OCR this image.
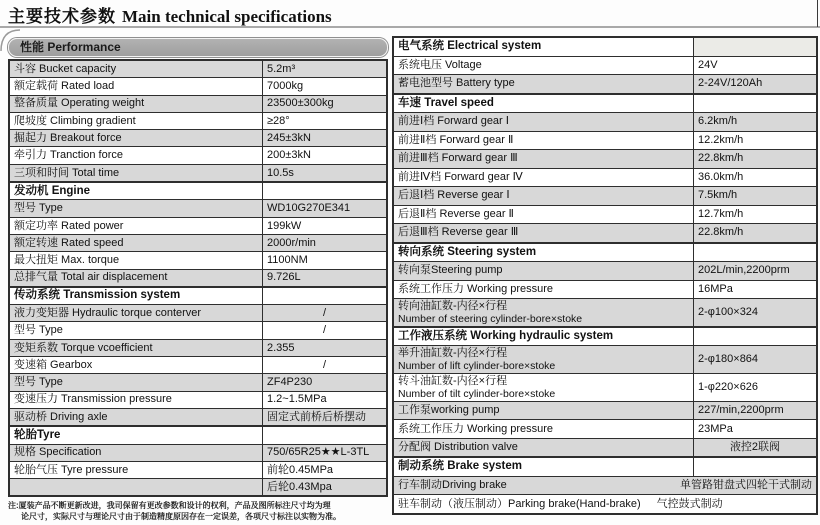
主要技术参数 Main technical specifications
性能 Performance
斗容 Bucket capacity	5.2m³
额定载荷 Rated load	7000kg
整备质量 Operating weight	23500±300kg
爬坡度 Climbing gradient	≥28°
掘起力 Breakout force	245±3kN
牵引力 Tranction force	200±3kN
三项和时间 Total time	10.5s
发动机 Engine	
型号 Type	WD10G270E341
额定功率 Rated power	199kW
额定转速 Rated speed	2000r/min
最大扭矩 Max. torque	1100NM
总排气量 Total air displacement	9.726L
传动系统 Transmission system	
液力变矩器 Hydraulic torque conterver	/
型号 Type	/
变矩系数 Torque vcoefficient	2.355
变速箱 Gearbox	/
型号 Type	ZF4P230
变速压力 Transmission pressure	1.2~1.5MPa
驱动桥 Driving axle	固定式前桥后桥摆动
轮胎Tyre	
规格 Specification	750/65R25★★L-3TL
轮胎气压 Tyre pressure	前轮0.45MPa
	后轮0.43Mpa
注:厦装产品不断更新改进，我司保留有更改参数和设计的权利，产品及图所标注尺寸均为理
论尺寸，实际尺寸与理论尺寸由于制造精度原因存在一定误差，各项尺寸标注以实物为准。
电气系统 Electrical system	
系统电压 Voltage	24V
蓄电池型号 Battery type	2-24V/120Ah
车速 Travel speed	
前进Ⅰ档 Forward gear Ⅰ	6.2km/h
前进Ⅱ档 Forward gear Ⅱ	12.2km/h
前进Ⅲ档 Forward gear Ⅲ	22.8km/h
前进Ⅳ档 Forward gear Ⅳ	36.0km/h
后退Ⅰ档 Reverse gear Ⅰ	7.5km/h
后退Ⅱ档 Reverse gear Ⅱ	12.7km/h
后退Ⅲ档 Reverse gear Ⅲ	22.8km/h
转向系统 Steering system	
转向泵Steering pump	202L/min,2200prm
系统工作压力 Working pressure	16MPa

转向油缸数-内径×行程
Number of steering cylinder-bore×stoke	2-φ100×324
工作液压系统 Working hydraulic system	

举升油缸数-内径×行程
Number of lift cylinder-bore×stoke	2-φ180×864

转斗油缸数-内径×行程
Number of tilt cylinder-bore×stoke	1-φ220×626
工作泵working pump	227/min,2200prm
系统工作压力 Working pressure	23MPa
分配阀 Distribution valve	液控2联阀
制动系统 Brake system	

行车制动Driving brake 单管路钳盘式四轮干式制动	

驻车制动（液压制动）Parking brake(Hand-brake) 气控鼓式制动	
